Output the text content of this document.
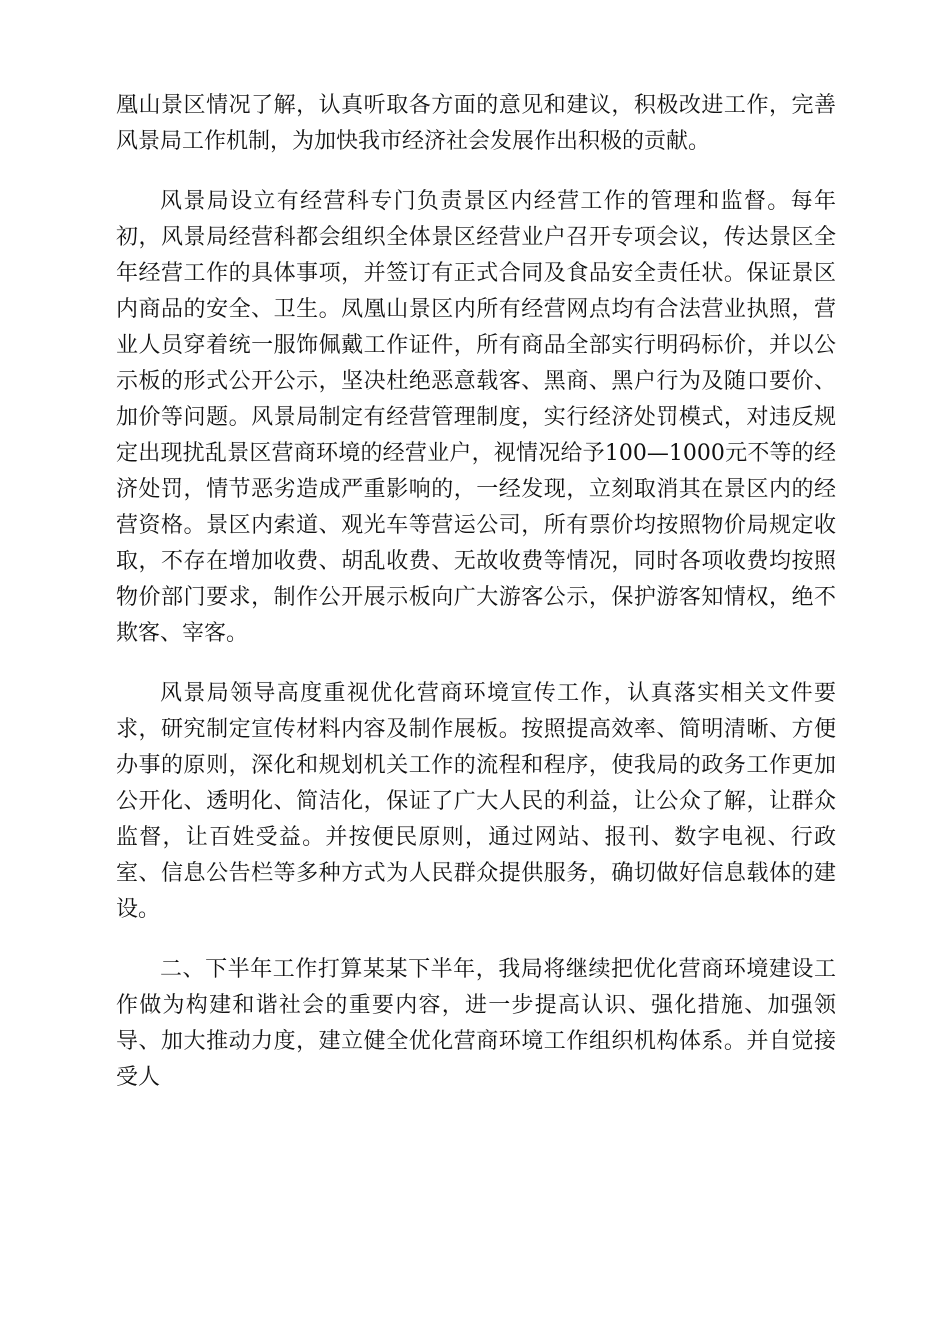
凰山景区情况了解，认真听取各方面的意见和建议，积极改进工作，完善风景局工作机制，为加快我市经济社会发展作出积极的贡献。

风景局设立有经营科专门负责景区内经营工作的管理和监督。每年初，风景局经营科都会组织全体景区经营业户召开专项会议，传达景区全年经营工作的具体事项，并签订有正式合同及食品安全责任状。保证景区内商品的安全、卫生。凤凰山景区内所有经营网点均有合法营业执照，营业人员穿着统一服饰佩戴工作证件，所有商品全部实行明码标价，并以公示板的形式公开公示，坚决杜绝恶意载客、黑商、黑户行为及随口要价、加价等问题。风景局制定有经营管理制度，实行经济处罚模式，对违反规定出现扰乱景区营商环境的经营业户，视情况给予100—1000元不等的经济处罚，情节恶劣造成严重影响的，一经发现，立刻取消其在景区内的经营资格。景区内索道、观光车等营运公司，所有票价均按照物价局规定收取，不存在增加收费、胡乱收费、无故收费等情况，同时各项收费均按照物价部门要求，制作公开展示板向广大游客公示，保护游客知情权，绝不欺客、宰客。

风景局领导高度重视优化营商环境宣传工作，认真落实相关文件要求，研究制定宣传材料内容及制作展板。按照提高效率、简明清晰、方便办事的原则，深化和规划机关工作的流程和程序，使我局的政务工作更加公开化、透明化、简洁化，保证了广大人民的利益，让公众了解，让群众监督，让百姓受益。并按便民原则，通过网站、报刊、数字电视、行政室、信息公告栏等多种方式为人民群众提供服务，确切做好信息载体的建设。

二、下半年工作打算某某下半年，我局将继续把优化营商环境建设工作做为构建和谐社会的重要内容，进一步提高认识、强化措施、加强领导、加大推动力度，建立健全优化营商环境工作组织机构体系。并自觉接受人
